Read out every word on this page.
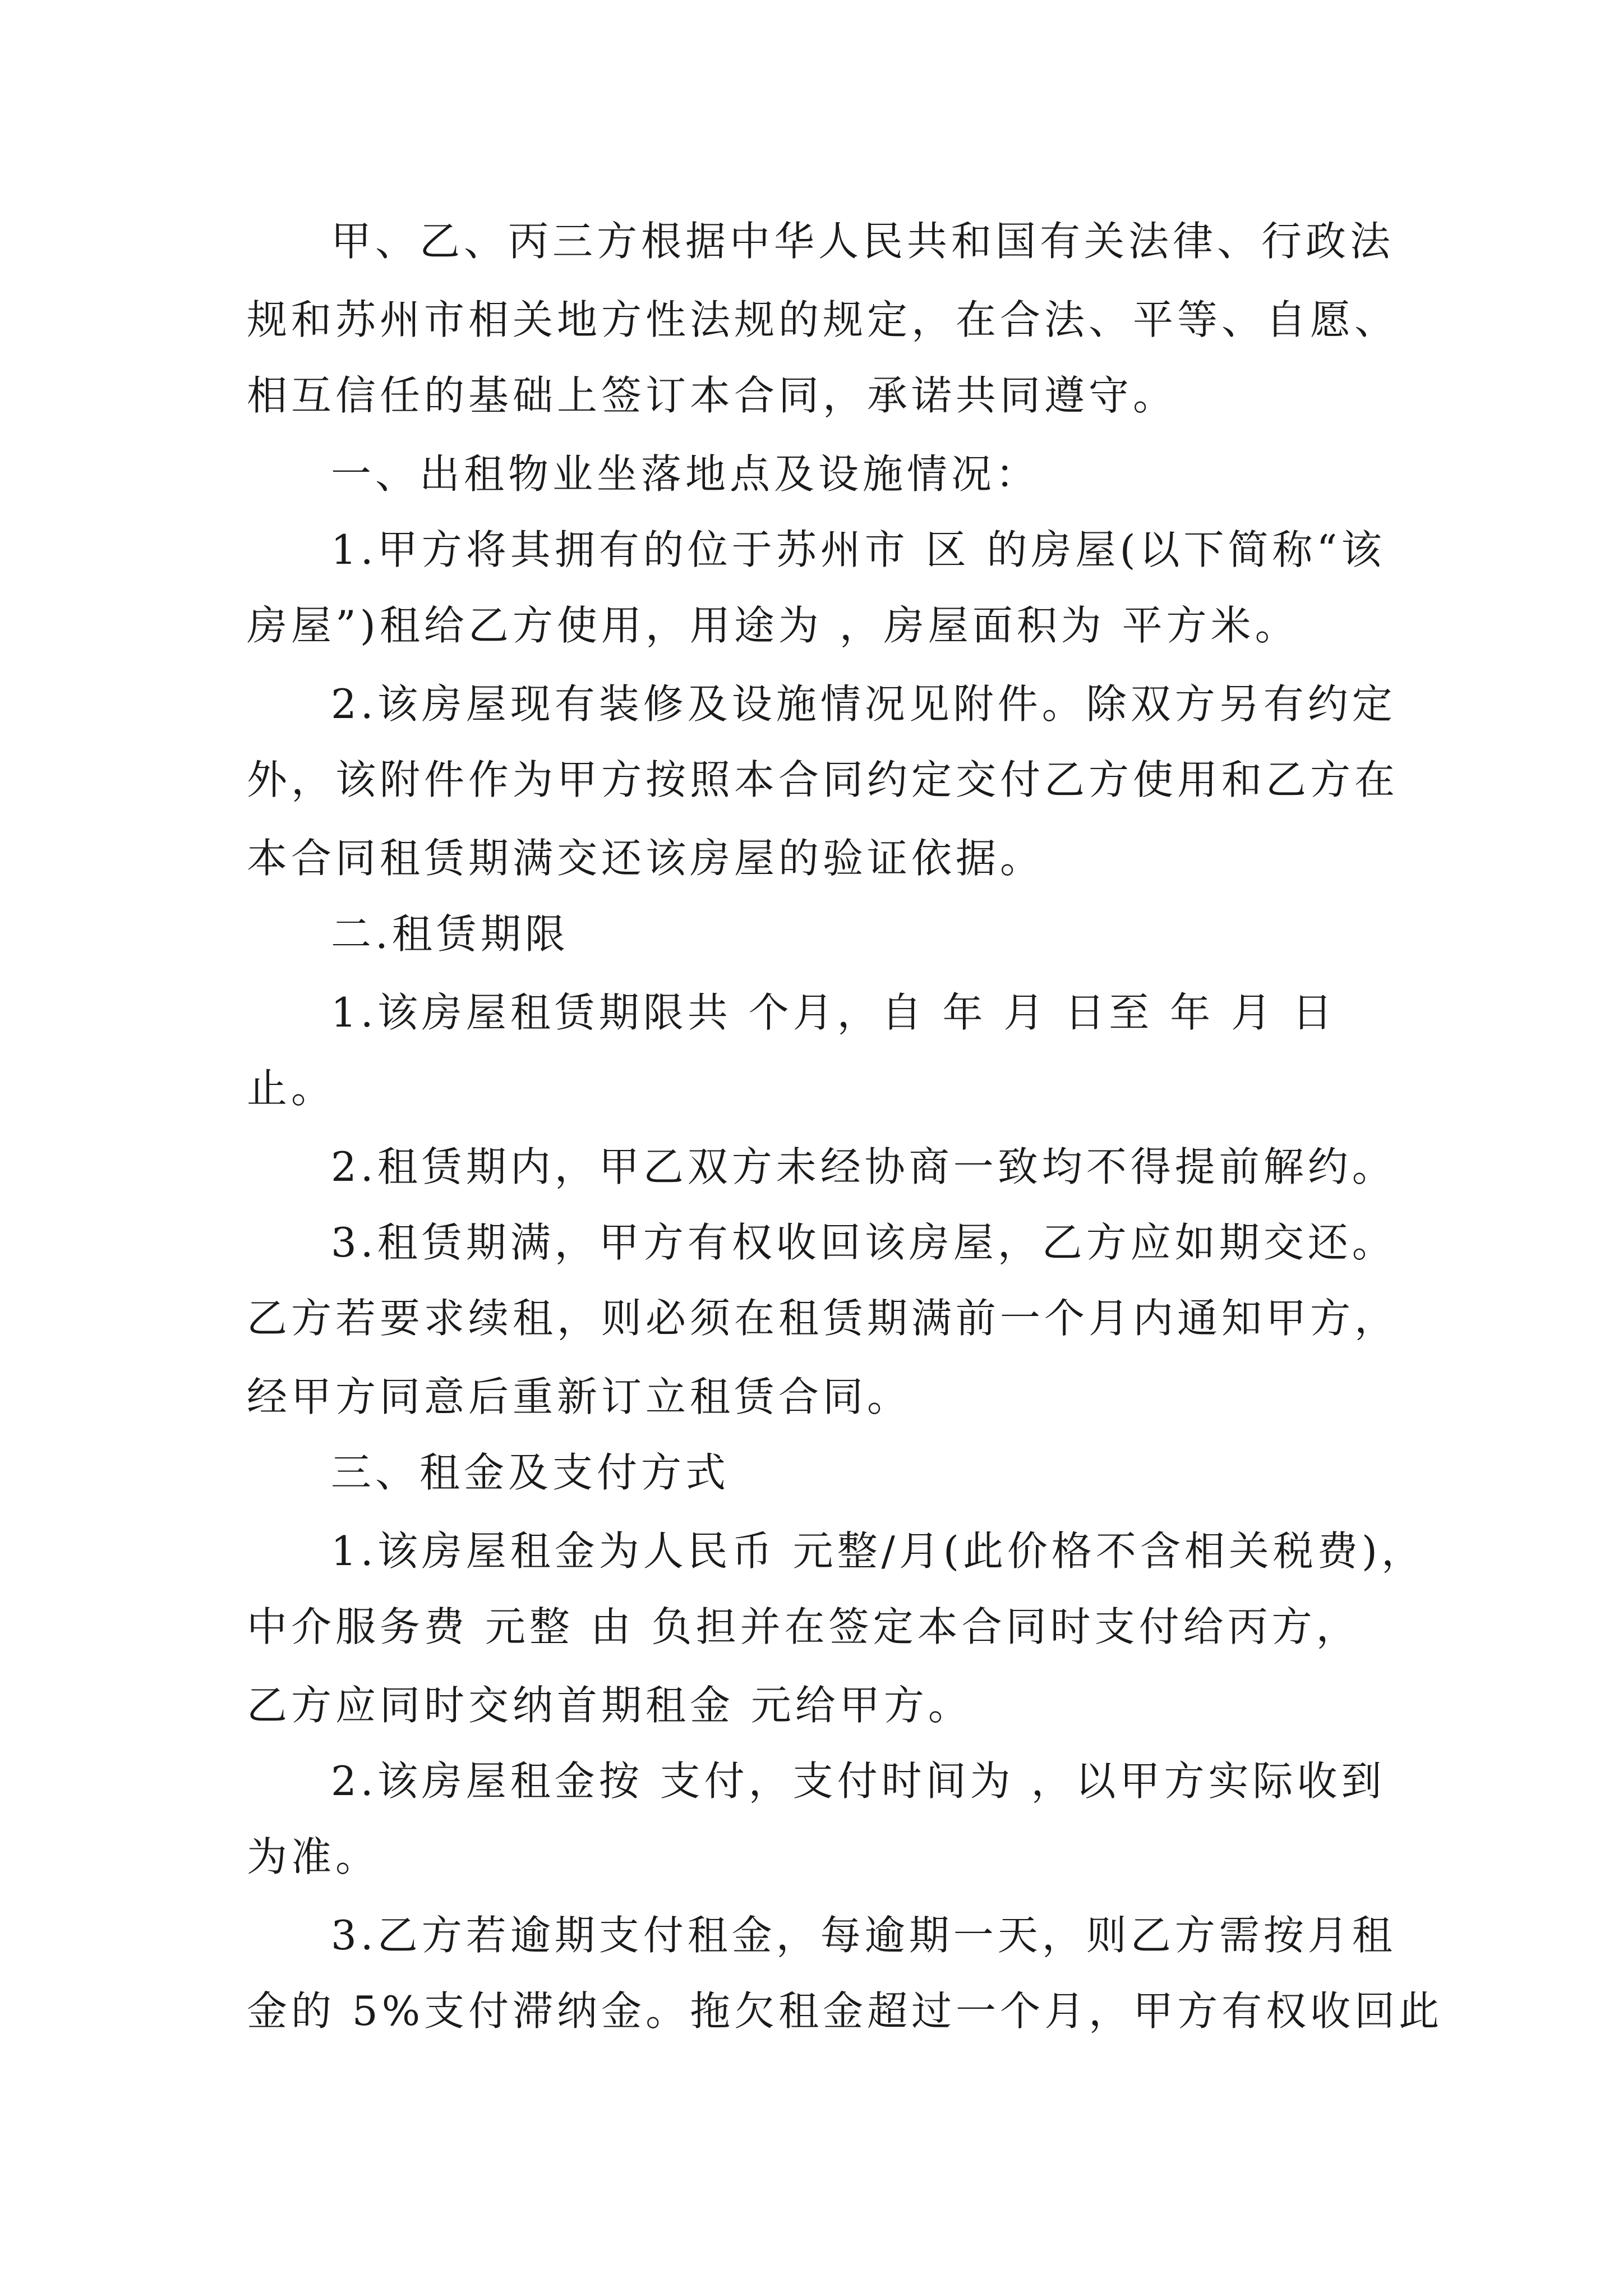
甲、乙、丙三方根据中华人民共和国有关法律、行政法
规和苏州市相关地方性法规的规定，在合法、平等、自愿、
相互信任的基础上签订本合同，承诺共同遵守。
一、出租物业坐落地点及设施情况：
1.甲方将其拥有的位于苏州市 区 的房屋(以下简称“该
房屋”)租给乙方使用，用途为 ，房屋面积为 平方米。
2.该房屋现有装修及设施情况见附件。除双方另有约定
外，该附件作为甲方按照本合同约定交付乙方使用和乙方在
本合同租赁期满交还该房屋的验证依据。
二.租赁期限
1.该房屋租赁期限共 个月，自 年 月 日至 年 月 日
止。
2.租赁期内，甲乙双方未经协商一致均不得提前解约。
3.租赁期满，甲方有权收回该房屋，乙方应如期交还。
乙方若要求续租，则必须在租赁期满前一个月内通知甲方，
经甲方同意后重新订立租赁合同。
三、租金及支付方式
1.该房屋租金为人民币 元整/月(此价格不含相关税费)，
中介服务费 元整 由 负担并在签定本合同时支付给丙方，
乙方应同时交纳首期租金 元给甲方。
2.该房屋租金按 支付，支付时间为 ，以甲方实际收到
为准。
3.乙方若逾期支付租金，每逾期一天，则乙方需按月租
金的 5%支付滞纳金。拖欠租金超过一个月，甲方有权收回此
